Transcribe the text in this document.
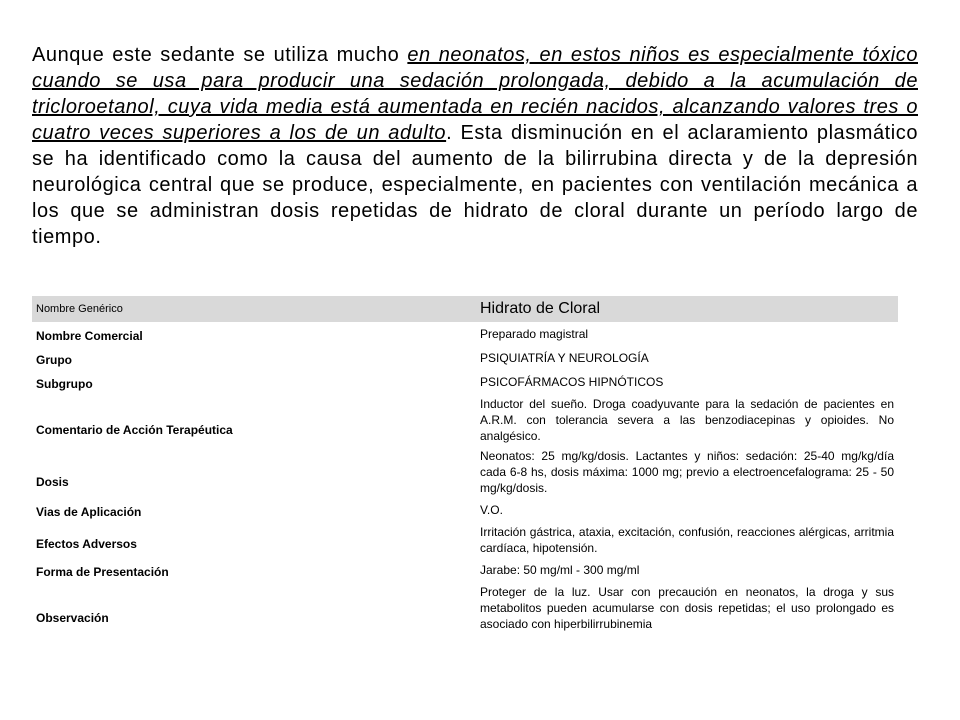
Aunque este sedante se utiliza mucho en neonatos, en estos niños es especialmente tóxico cuando se usa para producir una sedación prolongada, debido a la acumulación de tricloroetanol, cuya vida media está aumentada en recién nacidos, alcanzando valores tres o cuatro veces superiores a los de un adulto. Esta disminución en el aclaramiento plasmático se ha identificado como la causa del aumento de la bilirrubina directa y de la depresión neurológica central que se produce, especialmente, en pacientes con ventilación mecánica a los que se administran dosis repetidas de hidrato de cloral durante un período largo de tiempo.

Nombre Genérico	Hidrato de Cloral
Nombre Comercial	Preparado magistral
Grupo	PSIQUIATRÍA Y NEUROLOGÍA
Subgrupo	PSICOFÁRMACOS HIPNÓTICOS
Comentario de Acción Terapéutica	Inductor del sueño. Droga coadyuvante para la sedación de pacientes en A.R.M. con tolerancia severa a las benzodiacepinas y opioides. No analgésico.
Dosis	Neonatos: 25 mg/kg/dosis. Lactantes y niños: sedación: 25-40 mg/kg/día cada 6-8 hs, dosis máxima: 1000 mg; previo a electroencefalograma: 25 - 50 mg/kg/dosis.
Vias de Aplicación	V.O.
Efectos Adversos	Irritación gástrica, ataxia, excitación, confusión, reacciones alérgicas, arritmia cardíaca, hipotensión.
Forma de Presentación	Jarabe: 50 mg/ml - 300 mg/ml
Observación	Proteger de la luz. Usar con precaución en neonatos, la droga y sus metabolitos pueden acumularse con dosis repetidas; el uso prolongado es asociado con hiperbilirrubinemia
